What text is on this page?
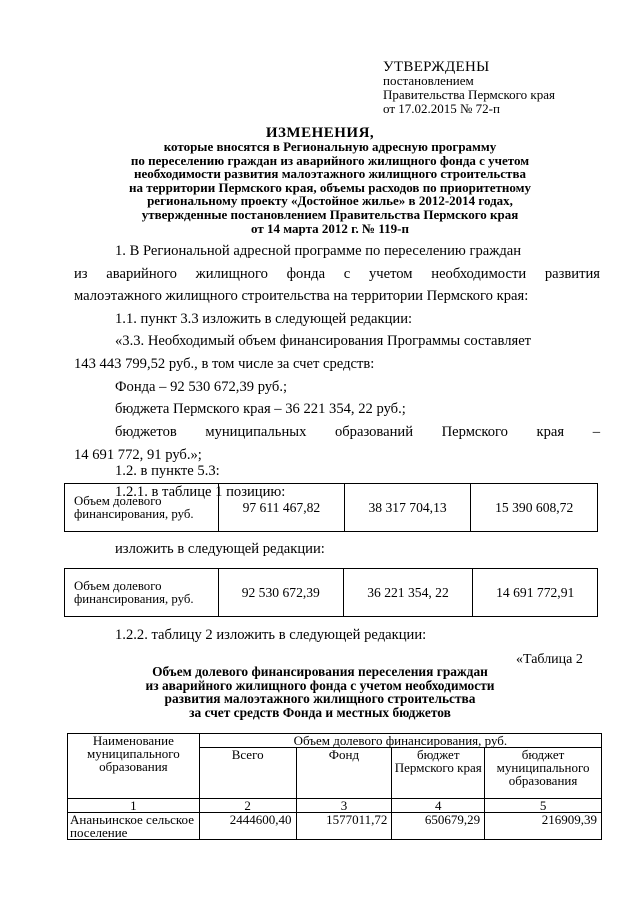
УТВЕРЖДЕНЫ
постановлением
Правительства Пермского края
от 17.02.2015 № 72-п
ИЗМЕНЕНИЯ,
которые вносятся в Региональную адресную программу
по переселению граждан из аварийного жилищного фонда с учетом
необходимости развития малоэтажного жилищного строительства
на территории Пермского края, объемы расходов по приоритетному
региональному проекту «Достойное жилье» в 2012-2014 годах,
утвержденные постановлением Правительства Пермского края
от 14 марта 2012 г. № 119-п
1. В Региональной адресной программе по переселению граждан
из аварийного жилищного фонда с учетом необходимости развития
малоэтажного жилищного строительства на территории Пермского края:
1.1. пункт 3.3 изложить в следующей редакции:
«3.3. Необходимый объем финансирования Программы составляет
143 443 799,52 руб., в том числе за счет средств:
Фонда – 92 530 672,39 руб.;
бюджета Пермского края – 36 221 354, 22 руб.;
бюджетов муниципальных образований Пермского края –
14 691 772, 91 руб.»;
1.2. в пункте 5.3:
1.2.1. в таблице 1 позицию:
Объем долевого финансирования, руб.	97 611 467,82	38 317 704,13	15 390 608,72
изложить в следующей редакции:
Объем долевого финансирования, руб.	92 530 672,39	36 221 354, 22	14 691 772,91
1.2.2. таблицу 2 изложить в следующей редакции:
«Таблица 2
Объем долевого финансирования переселения граждан
из аварийного жилищного фонда с учетом необходимости
развития малоэтажного жилищного строительства
за счет средств Фонда и местных бюджетов
Наименование муниципального образования	Объем долевого финансирования, руб.			
	Всего	Фонд	бюджет Пермского края	бюджет муниципального образования
1	2	3	4	5
Ананьинское сельское поселение	2444600,40	1577011,72	650679,29	216909,39
